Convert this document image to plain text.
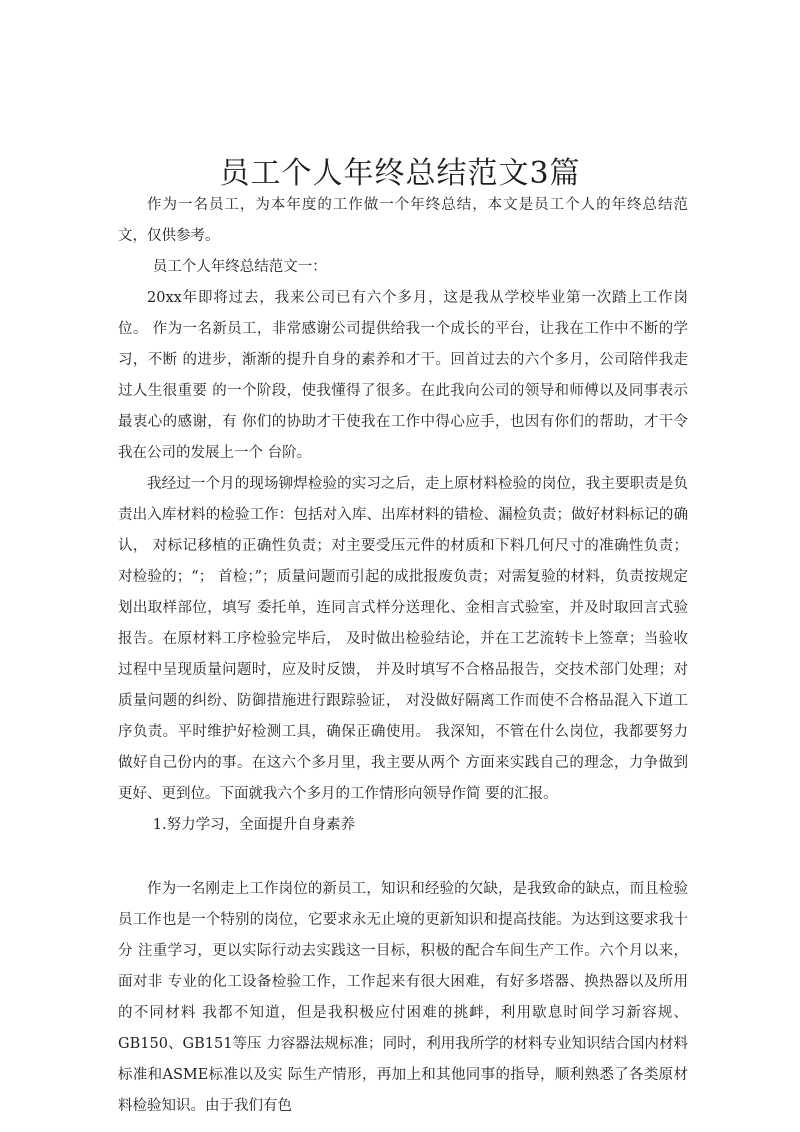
员工个人年终总结范文3篇

作为一名员工，为本年度的工作做一个年终总结，本文是员工个人的年终总结范 文，仅供参考。

员工个人年终总结范文一：

20xx年即将过去，我来公司已有六个多月，这是我从学校毕业第一次踏上工作岗位。 作为一名新员工，非常感谢公司提供给我一个成长的平台，让我在工作中不断的学习，不断 的进步，渐渐的提升自身的素养和才干。回首过去的六个多月，公司陪伴我走过人生很重要 的一个阶段，使我懂得了很多。在此我向公司的领导和师傅以及同事表示最衷心的感谢，有 你们的协助才干使我在工作中得心应手，也因有你们的帮助，才干令我在公司的发展上一个 台阶。

我经过一个月的现场铆焊检验的实习之后，走上原材料检验的岗位，我主要职责是负 责出入库材料的检验工作：包括对入库、出库材料的错检、漏检负责；做好材料标记的确认， 对标记移植的正确性负责；对主要受压元件的材质和下料几何尺寸的准确性负责；对检验的；“； 首检；”；质量问题而引起的成批报废负责；对需复验的材料，负责按规定划出取样部位，填写 委托单，连同言式样分送理化、金相言式验室，并及时取回言式验报告。在原材料工序检验完毕后， 及时做出检验结论，并在工艺流转卡上签章；当验收过程中呈现质量问题时，应及时反馈， 并及时填写不合格品报告，交技术部门处理；对质量问题的纠纷、防御措施进行跟踪验证， 对没做好隔离工作而使不合格品混入下道工序负责。平时维护好检测工具，确保正确使用。 我深知，不管在什么岗位，我都要努力做好自己份内的事。在这六个多月里，我主要从两个 方面来实践自己的理念，力争做到更好、更到位。下面就我六个多月的工作情形向领导作简 要的汇报。

1.努力学习，全面提升自身素养

作为一名刚走上工作岗位的新员工，知识和经验的欠缺，是我致命的缺点，而且检验 员工作也是一个特别的岗位，它要求永无止境的更新知识和提高技能。为达到这要求我十分 注重学习，更以实际行动去实践这一目标，积极的配合车间生产工作。六个月以来，面对非 专业的化工设备检验工作，工作起来有很大困难，有好多塔器、换热器以及所用的不同材料 我都不知道，但是我积极应付困难的挑衅，利用歇息时间学习新容规、GB150、GB151等压 力容器法规标准；同时，利用我所学的材料专业知识结合国内材料标准和ASME标准以及实 际生产情形，再加上和其他同事的指导，顺利熟悉了各类原材料检验知识。由于我们有色
